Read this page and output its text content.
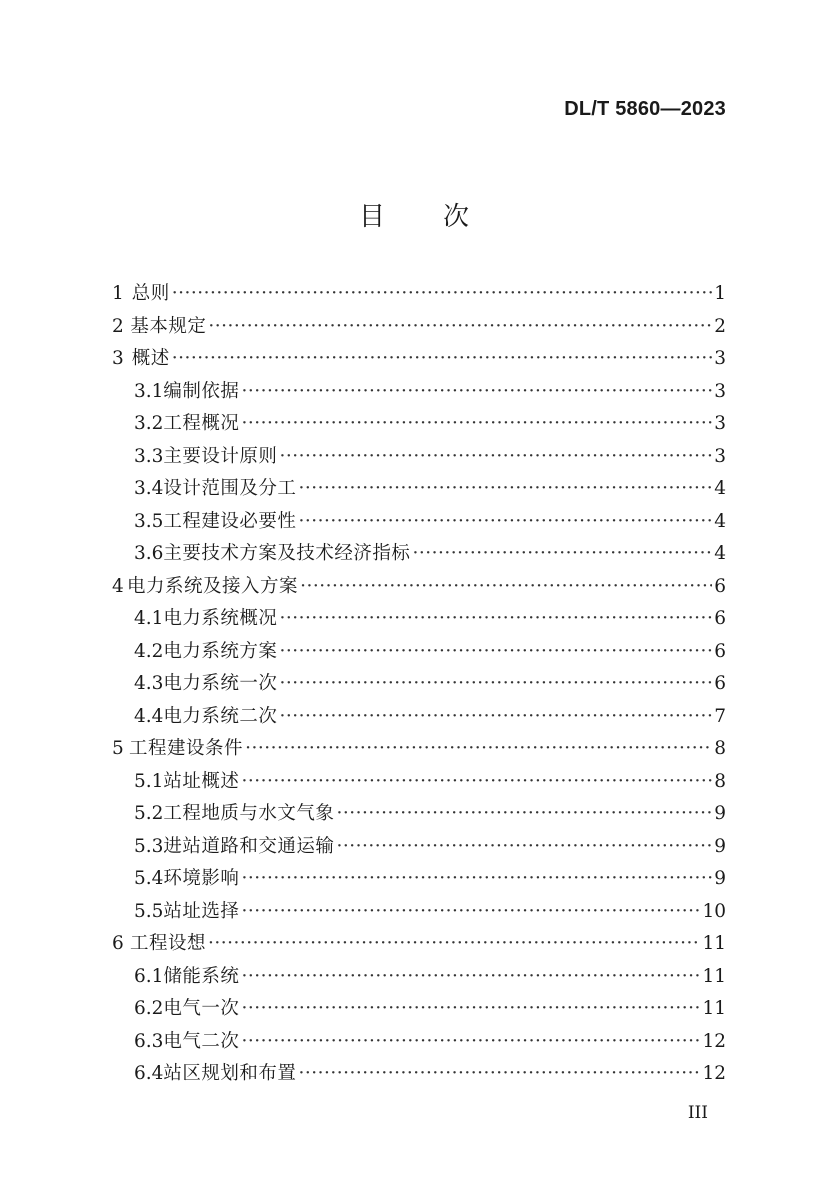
DL/T 5860—2023
目次
1 总则 ·····	1
2 基本规定 ·····	2
3 概述 ·····	3
3.1 编制依据 ·····	3
3.2 工程概况 ·····	3
3.3 主要设计原则 ·····	3
3.4 设计范围及分工 ·····	4
3.5 工程建设必要性 ·····	4
3.6 主要技术方案及技术经济指标 ·····	4
4 电力系统及接入方案 ·····	6
4.1 电力系统概况 ·····	6
4.2 电力系统方案 ·····	6
4.3 电力系统一次 ·····	6
4.4 电力系统二次 ·····	7
5 工程建设条件 ·····	8
5.1 站址概述 ·····	8
5.2 工程地质与水文气象 ·····	9
5.3 进站道路和交通运输 ·····	9
5.4 环境影响 ·····	9
5.5 站址选择 ·····	10
6 工程设想 ·····	11
6.1 储能系统 ·····	11
6.2 电气一次 ·····	11
6.3 电气二次 ·····	12
6.4 站区规划和布置 ·····	12
III
